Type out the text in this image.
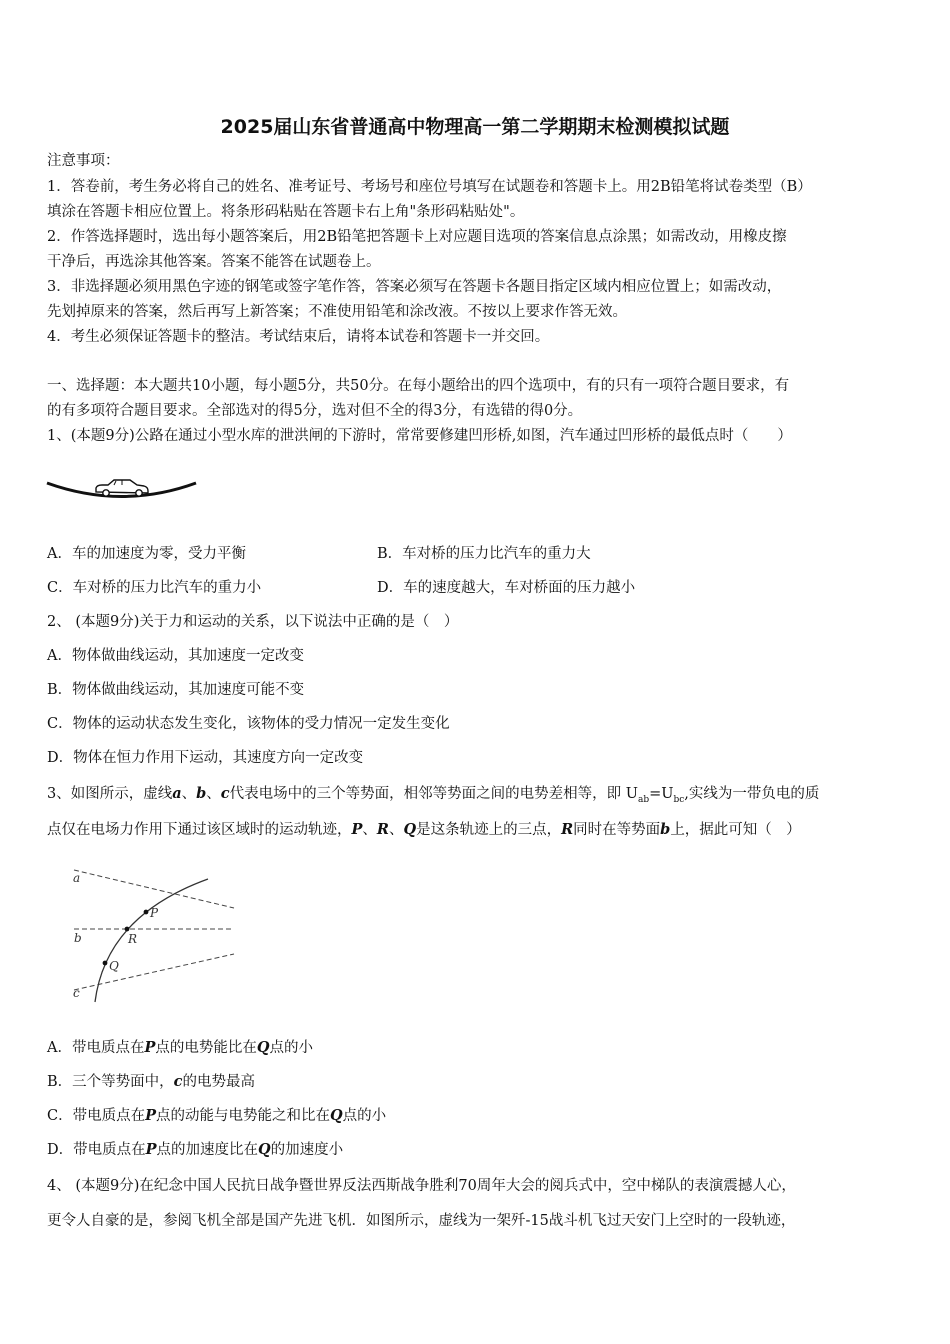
2025届山东省普通高中物理高一第二学期期末检测模拟试题
注意事项：
1．答卷前，考生务必将自己的姓名、准考证号、考场号和座位号填写在试题卷和答题卡上。用2B铅笔将试卷类型（B）
填涂在答题卡相应位置上。将条形码粘贴在答题卡右上角"条形码粘贴处"。
2．作答选择题时，选出每小题答案后，用2B铅笔把答题卡上对应题目选项的答案信息点涂黑；如需改动，用橡皮擦
干净后，再选涂其他答案。答案不能答在试题卷上。
3．非选择题必须用黑色字迹的钢笔或签字笔作答，答案必须写在答题卡各题目指定区域内相应位置上；如需改动，
先划掉原来的答案，然后再写上新答案；不准使用铅笔和涂改液。不按以上要求作答无效。
4．考生必须保证答题卡的整洁。考试结束后，请将本试卷和答题卡一并交回。
一、选择题：本大题共10小题，每小题5分，共50分。在每小题给出的四个选项中，有的只有一项符合题目要求，有
的有多项符合题目要求。全部选对的得5分，选对但不全的得3分，有选错的得0分。
1、(本题9分)公路在通过小型水库的泄洪闸的下游时，常常要修建凹形桥,如图，汽车通过凹形桥的最低点时（　　）
A．车的加速度为零，受力平衡	B．车对桥的压力比汽车的重力大
C．车对桥的压力比汽车的重力小	D．车的速度越大，车对桥面的压力越小
2、 (本题9分)关于力和运动的关系，以下说法中正确的是（　）
A．物体做曲线运动，其加速度一定改变
B．物体做曲线运动，其加速度可能不变
C．物体的运动状态发生变化，该物体的受力情况一定发生变化
D．物体在恒力作用下运动，其速度方向一定改变
3、如图所示，虚线a、b、c代表电场中的三个等势面，相邻等势面之间的电势差相等，即 $U_{ab}=U_{bc}$,实线为一带负电的质
点仅在电场力作用下通过该区域时的运动轨迹，P、R、Q是这条轨迹上的三点，R同时在等势面b上，据此可知（　）
a
b
c
P
R
Q
A．带电质点在P点的电势能比在Q点的小
B．三个等势面中，c的电势最高
C．带电质点在P点的动能与电势能之和比在Q点的小
D．带电质点在P点的加速度比在Q的加速度小
4、 (本题9分)在纪念中国人民抗日战争暨世界反法西斯战争胜利70周年大会的阅兵式中，空中梯队的表演震撼人心，
更令人自豪的是，参阅飞机全部是国产先进飞机．如图所示，虚线为一架歼-15战斗机飞过天安门上空时的一段轨迹，
